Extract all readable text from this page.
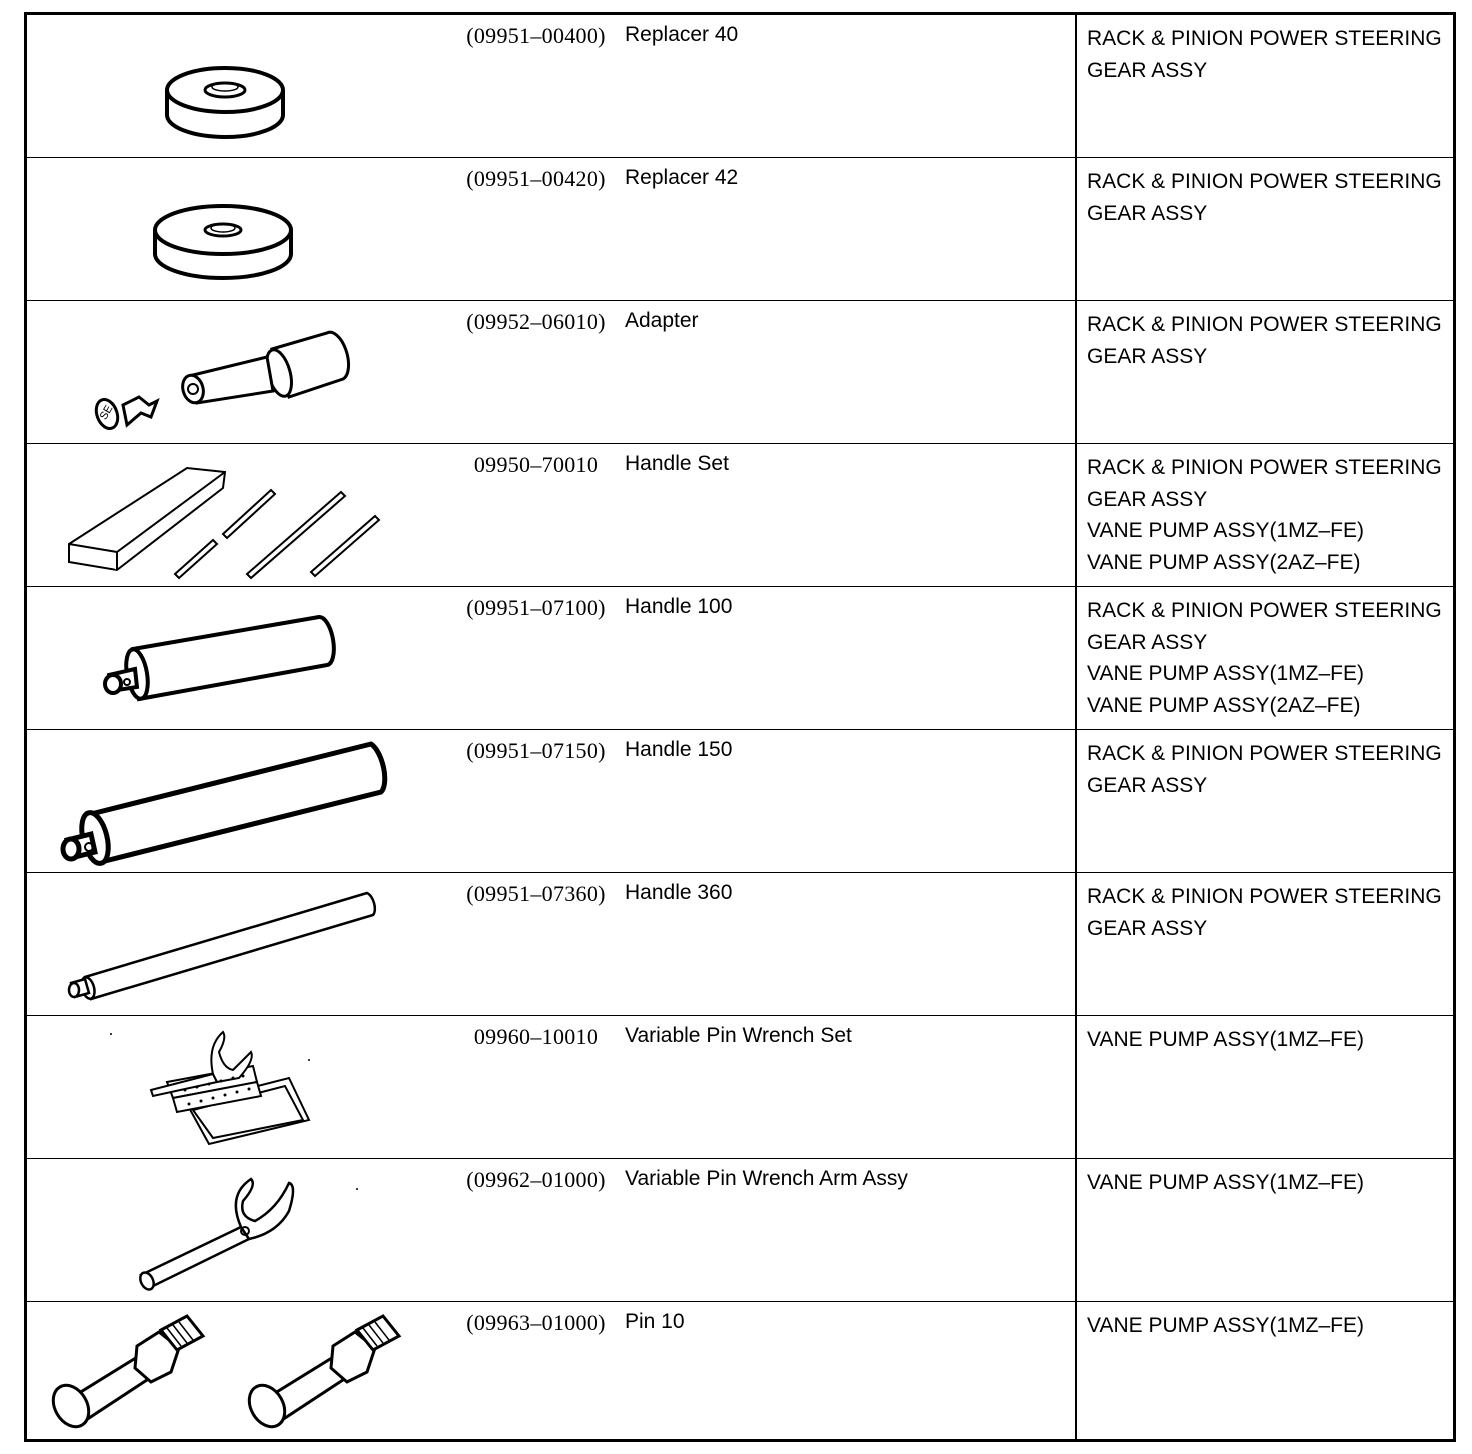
(09951–00400) Replacer 40	RACK & PINION POWER STEERING
GEAR ASSY
(09951–00420) Replacer 42	RACK & PINION POWER STEERING
GEAR ASSY
SE
(09952–06010) Adapter	RACK & PINION POWER STEERING
GEAR ASSY
09950–70010	Handle Set	RACK & PINION POWER STEERING
GEAR ASSY
VANE PUMP ASSY(1MZ–FE)
VANE PUMP ASSY(2AZ–FE)
(09951–07100) Handle 100	RACK & PINION POWER STEERING
GEAR ASSY
VANE PUMP ASSY(1MZ–FE)
VANE PUMP ASSY(2AZ–FE)
(09951–07150) Handle 150	RACK & PINION POWER STEERING
GEAR ASSY
(09951–07360) Handle 360	RACK & PINION POWER STEERING
GEAR ASSY
09960–10010	Variable Pin Wrench Set	VANE PUMP ASSY(1MZ–FE)
(09962–01000) Variable Pin Wrench Arm Assy	VANE PUMP ASSY(1MZ–FE)
(09963–01000) Pin 10	VANE PUMP ASSY(1MZ–FE)
